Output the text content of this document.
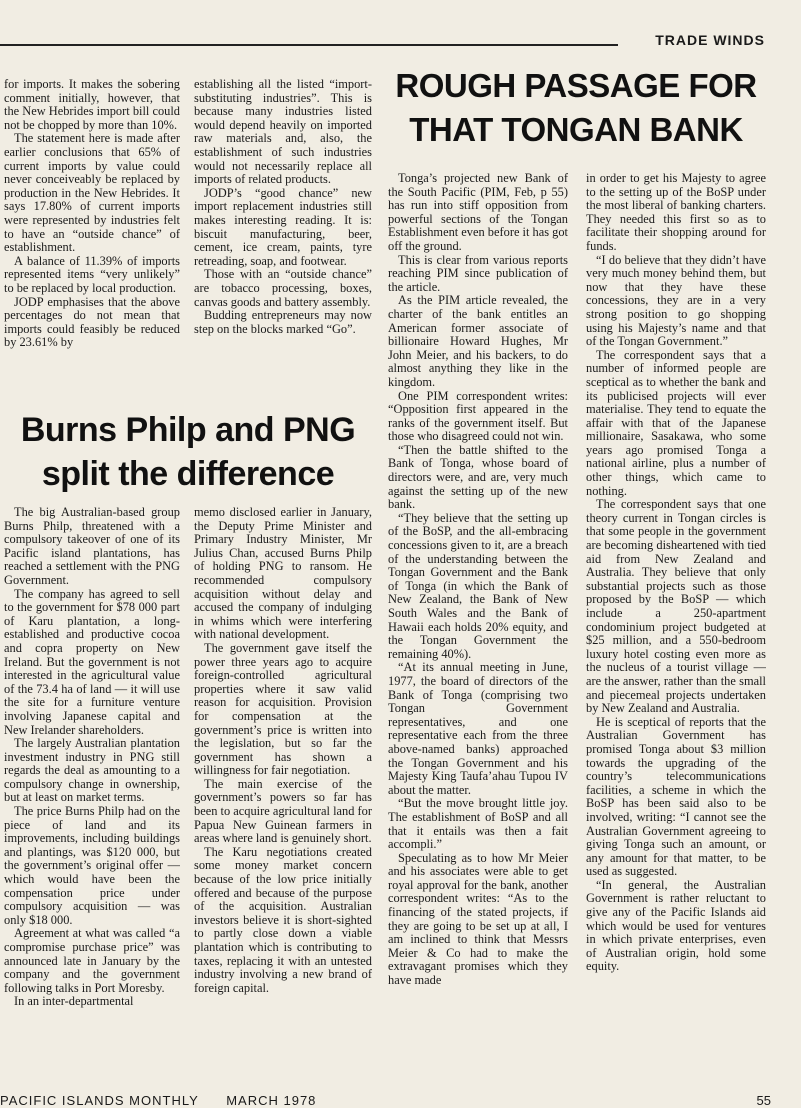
TRADE WINDS

for imports. It makes the sobering comment initially, however, that the New Hebrides import bill could not be chopped by more than 10%.

The statement here is made after earlier conclusions that 65% of current imports by value could never conceiveably be replaced by production in the New Hebrides. It says 17.80% of current imports were represented by industries felt to have an “outside chance” of establishment.

A balance of 11.39% of imports represented items “very unlikely” to be replaced by local production.

JODP emphasises that the above percentages do not mean that imports could feasibly be reduced by 23.61% by

establishing all the listed “import-substituting industries”. This is because many industries listed would depend heavily on imported raw materials and, also, the establishment of such industries would not necessarily replace all imports of related products.

JODP’s “good chance” new import replacement industries still makes interesting reading. It is: biscuit manufacturing, beer, cement, ice cream, paints, tyre retreading, soap, and footwear.

Those with an “outside chance” are tobacco processing, boxes, canvas goods and battery assembly.

Budding entrepreneurs may now step on the blocks marked “Go”.

ROUGH PASSAGE FOR THAT TONGAN BANK

Tonga’s projected new Bank of the South Pacific (PIM, Feb, p 55) has run into stiff opposition from powerful sections of the Tongan Establishment even before it has got off the ground.

This is clear from various reports reaching PIM since publication of the article.

As the PIM article revealed, the charter of the bank entitles an American former associate of billionaire Howard Hughes, Mr John Meier, and his backers, to do almost anything they like in the kingdom.

One PIM correspondent writes: “Opposition first appeared in the ranks of the government itself. But those who disagreed could not win.

“Then the battle shifted to the Bank of Tonga, whose board of directors were, and are, very much against the setting up of the new bank.

“They believe that the setting up of the BoSP, and the all-embracing concessions given to it, are a breach of the understanding between the Tongan Government and the Bank of Tonga (in which the Bank of New Zealand, the Bank of New South Wales and the Bank of Hawaii each holds 20% equity, and the Tongan Government the remaining 40%).

“At its annual meeting in June, 1977, the board of directors of the Bank of Tonga (comprising two Tongan Government representatives, and one representative each from the three above-named banks) approached the Tongan Government and his Majesty King Taufa’ahau Tupou IV about the matter.

“But the move brought little joy. The establishment of BoSP and all that it entails was then a fait accompli.”

Speculating as to how Mr Meier and his associates were able to get royal approval for the bank, another correspondent writes: “As to the financing of the stated projects, if they are going to be set up at all, I am inclined to think that Messrs Meier & Co had to make the extravagant promises which they have made

in order to get his Majesty to agree to the setting up of the BoSP under the most liberal of banking charters. They needed this first so as to facilitate their shopping around for funds.

“I do believe that they didn’t have very much money behind them, but now that they have these concessions, they are in a very strong position to go shopping using his Majesty’s name and that of the Tongan Government.”

The correspondent says that a number of informed people are sceptical as to whether the bank and its publicised projects will ever materialise. They tend to equate the affair with that of the Japanese millionaire, Sasakawa, who some years ago promised Tonga a national airline, plus a number of other things, which came to nothing.

The correspondent says that one theory current in Tongan circles is that some people in the government are becoming disheartened with tied aid from New Zealand and Australia. They believe that only substantial projects such as those proposed by the BoSP — which include a 250-apartment condominium project budgeted at $25 million, and a 550-bedroom luxury hotel costing even more as the nucleus of a tourist village — are the answer, rather than the small and piecemeal projects undertaken by New Zealand and Australia.

He is sceptical of reports that the Australian Government has promised Tonga about $3 million towards the upgrading of the country’s telecommunications facilities, a scheme in which the BoSP has been said also to be involved, writing: “I cannot see the Australian Government agreeing to giving Tonga such an amount, or any amount for that matter, to be used as suggested.

“In general, the Australian Government is rather reluctant to give any of the Pacific Islands aid which would be used for ventures in which private enterprises, even of Australian origin, hold some equity.

Burns Philp and PNG split the difference

The big Australian-based group Burns Philp, threatened with a compulsory takeover of one of its Pacific island plantations, has reached a settlement with the PNG Government.

The company has agreed to sell to the government for $78 000 part of Karu plantation, a long-established and productive cocoa and copra property on New Ireland. But the government is not interested in the agricultural value of the 73.4 ha of land — it will use the site for a furniture venture involving Japanese capital and New Irelander shareholders.

The largely Australian plantation investment industry in PNG still regards the deal as amounting to a compulsory change in ownership, but at least on market terms.

The price Burns Philp had on the piece of land and its improvements, including buildings and plantings, was $120 000, but the government’s original offer — which would have been the compensation price under compulsory acquisition — was only $18 000.

Agreement at what was called “a compromise purchase price” was announced late in January by the company and the government following talks in Port Moresby.

In an inter-departmental

memo disclosed earlier in January, the Deputy Prime Minister and Primary Industry Minister, Mr Julius Chan, accused Burns Philp of holding PNG to ransom. He recommended compulsory acquisition without delay and accused the company of indulging in whims which were interfering with national development.

The government gave itself the power three years ago to acquire foreign-controlled agricultural properties where it saw valid reason for acquisition. Provision for compensation at the government’s price is written into the legislation, but so far the government has shown a willingness for fair negotiation.

The main exercise of the government’s powers so far has been to acquire agricultural land for Papua New Guinean farmers in areas where land is genuinely short.

The Karu negotiations created some money market concern because of the low price initially offered and because of the purpose of the acquisition. Australian investors believe it is short-sighted to partly close down a viable plantation which is contributing to taxes, replacing it with an untested industry involving a new brand of foreign capital.

PACIFIC ISLANDS MONTHLY MARCH 1978	55
